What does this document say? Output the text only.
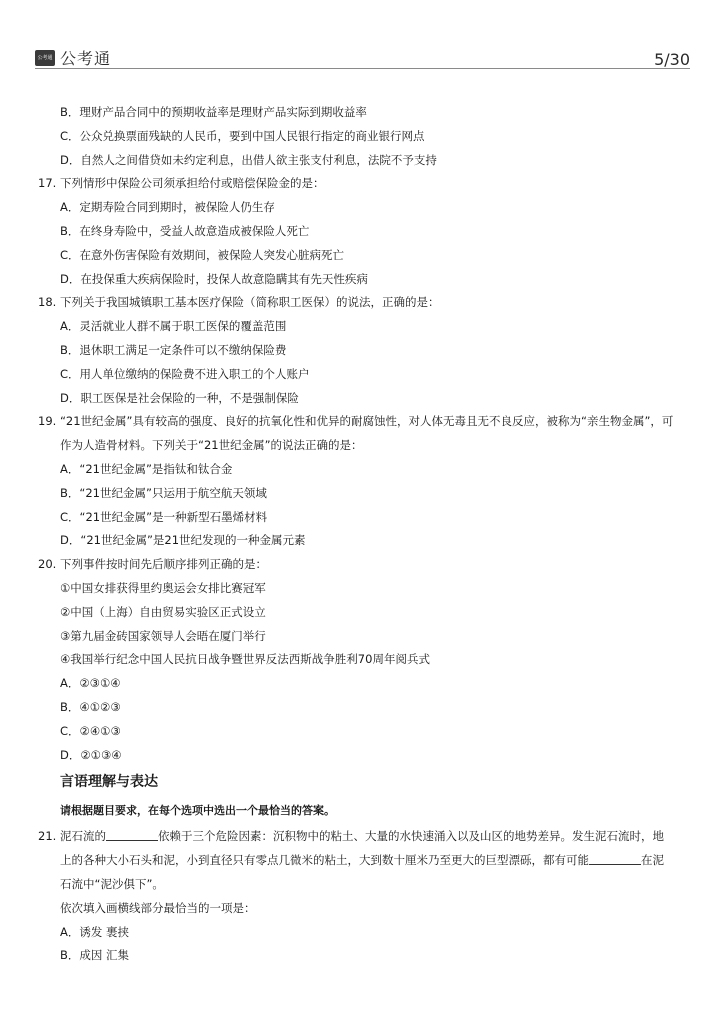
公考通 公考通	5/30
B．理财产品合同中的预期收益率是理财产品实际到期收益率
C．公众兑换票面残缺的人民币，要到中国人民银行指定的商业银行网点
D．自然人之间借贷如未约定利息，出借人欲主张支付利息，法院不予支持
17. 下列情形中保险公司须承担给付或赔偿保险金的是：
A．定期寿险合同到期时，被保险人仍生存
B．在终身寿险中，受益人故意造成被保险人死亡
C．在意外伤害保险有效期间，被保险人突发心脏病死亡
D．在投保重大疾病保险时，投保人故意隐瞒其有先天性疾病
18. 下列关于我国城镇职工基本医疗保险（简称职工医保）的说法，正确的是：
A．灵活就业人群不属于职工医保的覆盖范围
B．退休职工满足一定条件可以不缴纳保险费
C．用人单位缴纳的保险费不进入职工的个人账户
D．职工医保是社会保险的一种，不是强制保险
19. “21世纪金属”具有较高的强度、良好的抗氧化性和优异的耐腐蚀性，对人体无毒且无不良反应，被称为“亲生物金属”，可
作为人造骨材料。下列关于“21世纪金属”的说法正确的是：
A．“21世纪金属”是指钛和钛合金
B．“21世纪金属”只运用于航空航天领域
C．“21世纪金属”是一种新型石墨烯材料
D．“21世纪金属”是21世纪发现的一种金属元素
20. 下列事件按时间先后顺序排列正确的是：
①中国女排获得里约奥运会女排比赛冠军
②中国（上海）自由贸易实验区正式设立
③第九届金砖国家领导人会晤在厦门举行
④我国举行纪念中国人民抗日战争暨世界反法西斯战争胜利70周年阅兵式
A．②③①④
B．④①②③
C．②④①③
D．②①③④
言语理解与表达
请根据题目要求，在每个选项中选出一个最恰当的答案。
21. 泥石流的	依赖于三个危险因素：沉积物中的粘土、大量的水快速涌入以及山区的地势差异。发生泥石流时，地
上的各种大小石头和泥，小到直径只有零点几微米的粘土，大到数十厘米乃至更大的巨型漂砾，都有可能	在泥
石流中“泥沙俱下”。
依次填入画横线部分最恰当的一项是：
A．诱发 裹挟
B．成因 汇集
